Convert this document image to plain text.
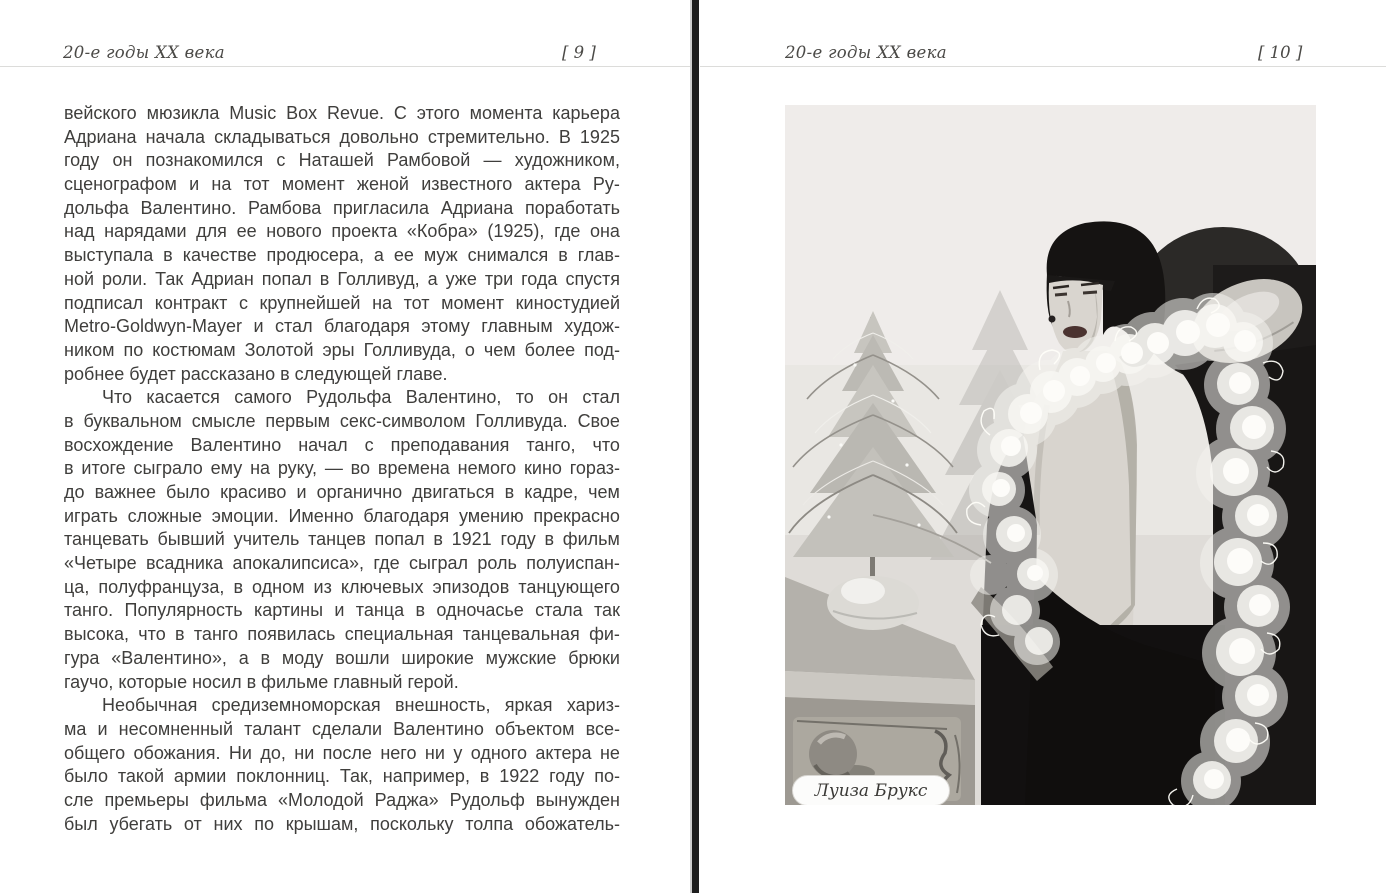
20-е годы XX века	[ 9 ]
вейского мюзикла Music Box Revue. С этого момента карьера
Адриана начала складываться довольно стремительно. В 1925
году он познакомился с Наташей Рамбовой — художником,
сценографом и на тот момент женой известного актера Ру-
дольфа Валентино. Рамбова пригласила Адриана поработать
над нарядами для ее нового проекта «Кобра» (1925), где она
выступала в качестве продюсера, а ее муж снимался в глав-
ной роли. Так Адриан попал в Голливуд, а уже три года спустя
подписал контракт с крупнейшей на тот момент киностудией
Metro-Goldwyn-Mayer и стал благодаря этому главным худож-
ником по костюмам Золотой эры Голливуда, о чем более под-
робнее будет рассказано в следующей главе.
Что касается самого Рудольфа Валентино, то он стал
в буквальном смысле первым секс-символом Голливуда. Свое
восхождение Валентино начал с преподавания танго, что
в итоге сыграло ему на руку, — во времена немого кино гораз-
до важнее было красиво и органично двигаться в кадре, чем
играть сложные эмоции. Именно благодаря умению прекрасно
танцевать бывший учитель танцев попал в 1921 году в фильм
«Четыре всадника апокалипсиса», где сыграл роль полуиспан-
ца, полуфранцуза, в одном из ключевых эпизодов танцующего
танго. Популярность картины и танца в одночасье стала так
высока, что в танго появилась специальная танцевальная фи-
гура «Валентино», а в моду вошли широкие мужские брюки
гаучо, которые носил в фильме главный герой.
Необычная средиземноморская внешность, яркая хариз-
ма и несомненный талант сделали Валентино объектом все-
общего обожания. Ни до, ни после него ни у одного актера не
было такой армии поклонниц. Так, например, в 1922 году по-
сле премьеры фильма «Молодой Раджа» Рудольф вынужден
был убегать от них по крышам, поскольку толпа обожатель-
20-е годы XX века	[ 10 ]
Луиза Брукс
